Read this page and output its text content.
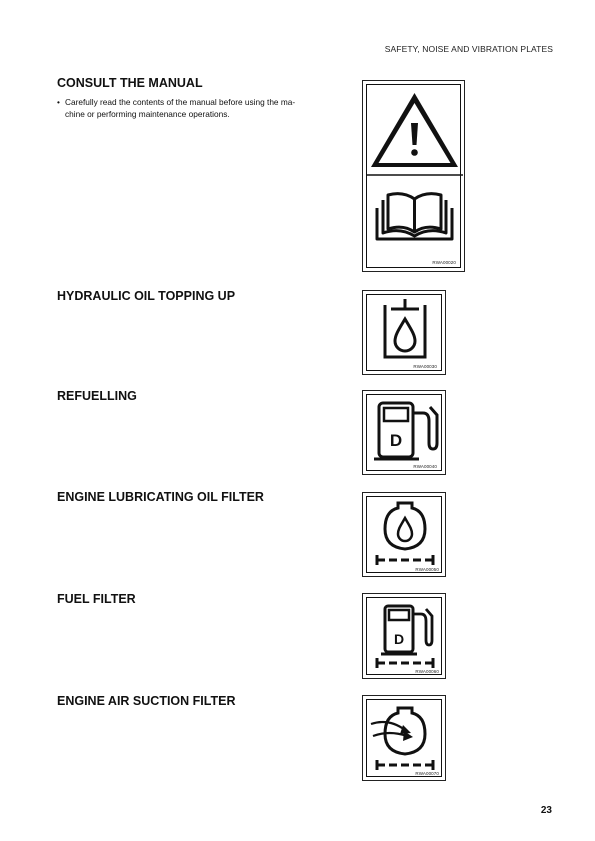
SAFETY, NOISE AND VIBRATION PLATES
CONSULT THE MANUAL
• Carefully read the contents of the manual before using the ma-
chine or performing maintenance operations.
RWA00020
HYDRAULIC OIL TOPPING UP
RWA00030
REFUELLING
D
RWA00040
ENGINE LUBRICATING OIL FILTER
RWA00050
FUEL FILTER
D
RWA00060
ENGINE AIR SUCTION FILTER
RWA00070
23
